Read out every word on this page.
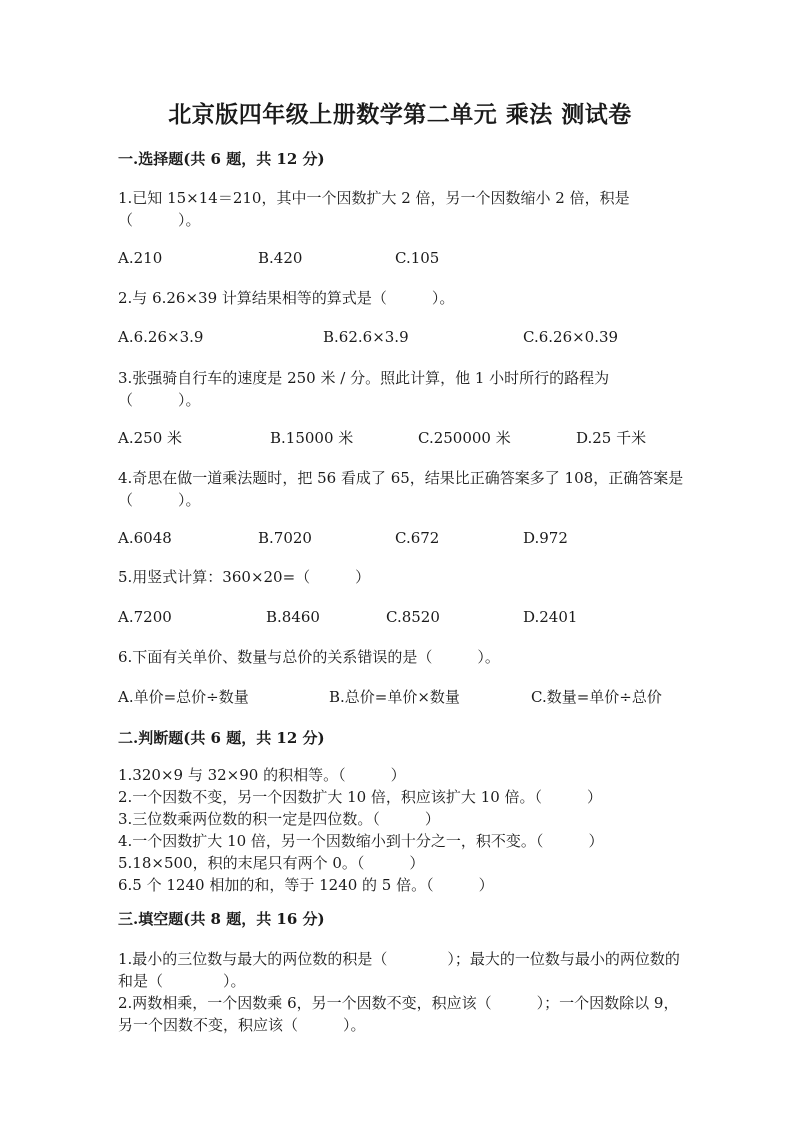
北京版四年级上册数学第二单元 乘法 测试卷
一.选择题(共 6 题，共 12 分)
1.已知 15×14＝210，其中一个因数扩大 2 倍，另一个因数缩小 2 倍，积是（　　　）。
A.210	B.420	C.105
2.与 6.26×39 计算结果相等的算式是（　　　）。
A.6.26×3.9	B.62.6×3.9	C.6.26×0.39
3.张强骑自行车的速度是 250 米 / 分。照此计算，他 1 小时所行的路程为（　　　）。
A.250 米	B.15000 米	C.250000 米	D.25 千米
4.奇思在做一道乘法题时，把 56 看成了 65，结果比正确答案多了 108，正确答案是（　　　）。
A.6048	B.7020	C.672	D.972
5.用竖式计算：360×20=（　　　）
A.7200	B.8460	C.8520	D.2401
6.下面有关单价、数量与总价的关系错误的是（　　　）。
A.单价=总价÷数量	B.总价=单价×数量	C.数量=单价÷总价
二.判断题(共 6 题，共 12 分)
1.320×9 与 32×90 的积相等。（　　　）
2.一个因数不变，另一个因数扩大 10 倍，积应该扩大 10 倍。（　　　）
3.三位数乘两位数的积一定是四位数。（　　　）
4.一个因数扩大 10 倍，另一个因数缩小到十分之一，积不变。（　　　）
5.18×500，积的末尾只有两个 0。（　　　）
6.5 个 1240 相加的和，等于 1240 的 5 倍。（　　　）
三.填空题(共 8 题，共 16 分)
1.最小的三位数与最大的两位数的积是（　　　　）；最大的一位数与最小的两位数的和是（　　　　）。
2.两数相乘，一个因数乘 6，另一个因数不变，积应该（　　　）；一个因数除以 9，另一个因数不变，积应该（　　　）。
